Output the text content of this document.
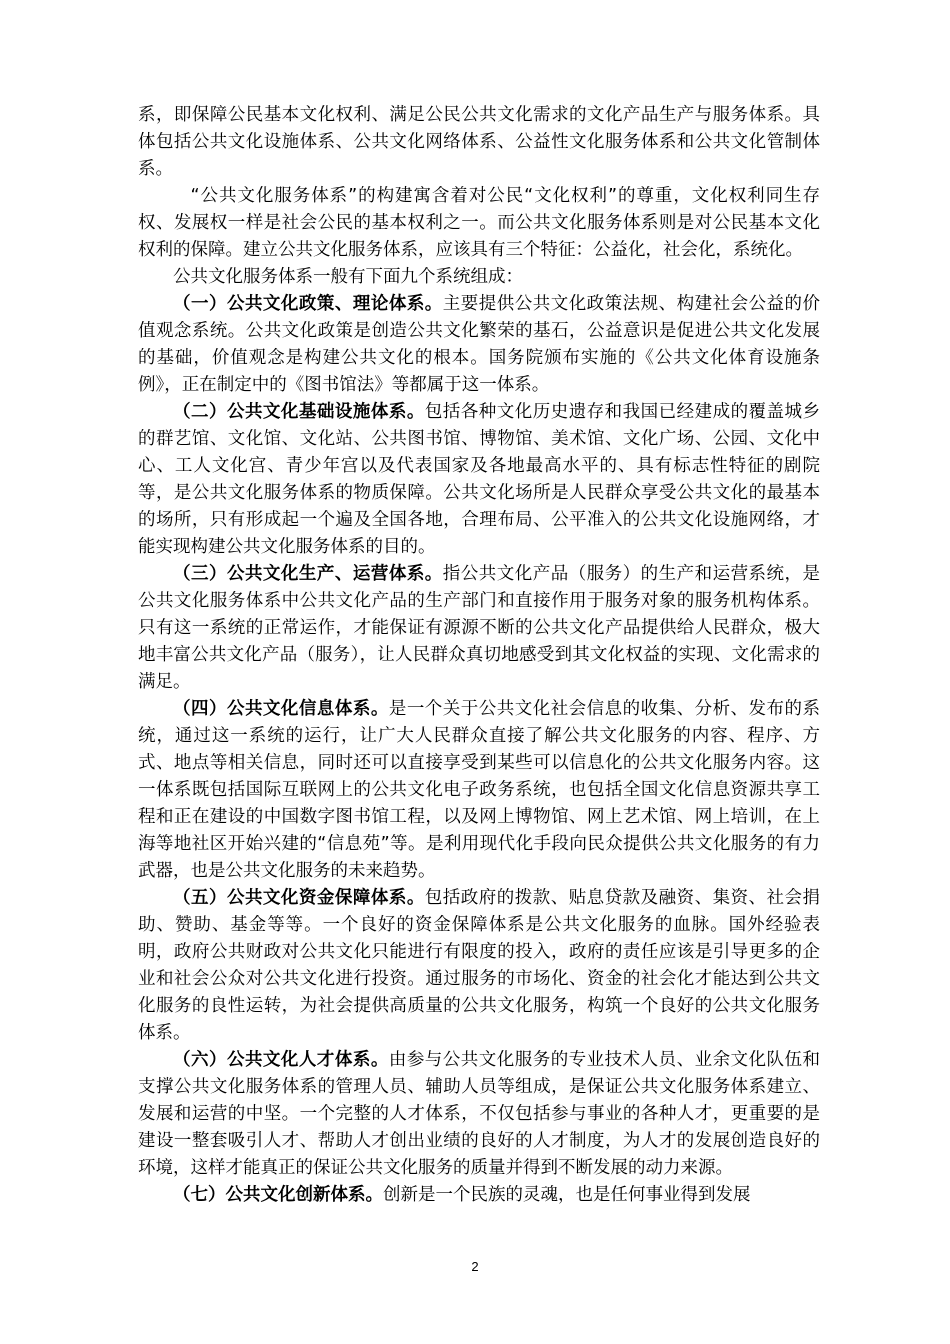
系，即保障公民基本文化权利、满足公民公共文化需求的文化产品生产与服务体系。具体包括公共文化设施体系、公共文化网络体系、公益性文化服务体系和公共文化管制体系。

“公共文化服务体系”的构建寓含着对公民“文化权利”的尊重，文化权利同生存权、发展权一样是社会公民的基本权利之一。而公共文化服务体系则是对公民基本文化权利的保障。建立公共文化服务体系，应该具有三个特征：公益化，社会化，系统化。

公共文化服务体系一般有下面九个系统组成：

（一）公共文化政策、理论体系。主要提供公共文化政策法规、构建社会公益的价值观念系统。公共文化政策是创造公共文化繁荣的基石，公益意识是促进公共文化发展的基础，价值观念是构建公共文化的根本。国务院颁布实施的《公共文化体育设施条例》，正在制定中的《图书馆法》等都属于这一体系。

（二）公共文化基础设施体系。包括各种文化历史遗存和我国已经建成的覆盖城乡的群艺馆、文化馆、文化站、公共图书馆、博物馆、美术馆、文化广场、公园、文化中心、工人文化宫、青少年宫以及代表国家及各地最高水平的、具有标志性特征的剧院等，是公共文化服务体系的物质保障。公共文化场所是人民群众享受公共文化的最基本的场所，只有形成起一个遍及全国各地，合理布局、公平准入的公共文化设施网络，才能实现构建公共文化服务体系的目的。

（三）公共文化生产、运营体系。指公共文化产品（服务）的生产和运营系统，是公共文化服务体系中公共文化产品的生产部门和直接作用于服务对象的服务机构体系。只有这一系统的正常运作，才能保证有源源不断的公共文化产品提供给人民群众，极大地丰富公共文化产品（服务），让人民群众真切地感受到其文化权益的实现、文化需求的满足。

（四）公共文化信息体系。是一个关于公共文化社会信息的收集、分析、发布的系统，通过这一系统的运行，让广大人民群众直接了解公共文化服务的内容、程序、方式、地点等相关信息，同时还可以直接享受到某些可以信息化的公共文化服务内容。这一体系既包括国际互联网上的公共文化电子政务系统，也包括全国文化信息资源共享工程和正在建设的中国数字图书馆工程，以及网上博物馆、网上艺术馆、网上培训，在上海等地社区开始兴建的“信息苑”等。是利用现代化手段向民众提供公共文化服务的有力武器，也是公共文化服务的未来趋势。

（五）公共文化资金保障体系。包括政府的拨款、贴息贷款及融资、集资、社会捐助、赞助、基金等等。一个良好的资金保障体系是公共文化服务的血脉。国外经验表明，政府公共财政对公共文化只能进行有限度的投入，政府的责任应该是引导更多的企业和社会公众对公共文化进行投资。通过服务的市场化、资金的社会化才能达到公共文化服务的良性运转，为社会提供高质量的公共文化服务，构筑一个良好的公共文化服务体系。

（六）公共文化人才体系。由参与公共文化服务的专业技术人员、业余文化队伍和支撑公共文化服务体系的管理人员、辅助人员等组成，是保证公共文化服务体系建立、发展和运营的中坚。一个完整的人才体系，不仅包括参与事业的各种人才，更重要的是建设一整套吸引人才、帮助人才创出业绩的良好的人才制度，为人才的发展创造良好的环境，这样才能真正的保证公共文化服务的质量并得到不断发展的动力来源。

（七）公共文化创新体系。创新是一个民族的灵魂，也是任何事业得到发展

2
